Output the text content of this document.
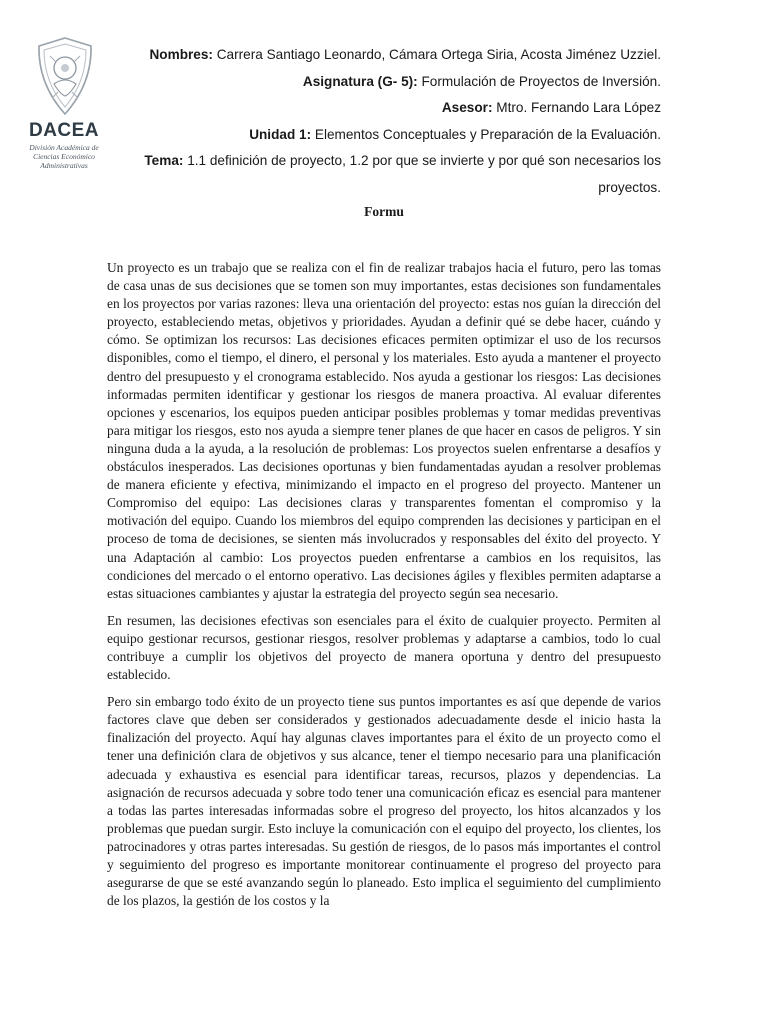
DACEA
División Académica de Ciencias Económico Administrativas
Nombres: Carrera Santiago Leonardo, Cámara Ortega Siria, Acosta Jiménez Uzziel.
Asignatura (G- 5): Formulación de Proyectos de Inversión.
Asesor: Mtro. Fernando Lara López
Unidad 1: Elementos Conceptuales y Preparación de la Evaluación.
Tema: 1.1 definición de proyecto, 1.2 por que se invierte y por qué son necesarios los proyectos.
Formu

Un proyecto es un trabajo que se realiza con el fin de realizar trabajos hacia el futuro, pero las tomas de casa unas de sus decisiones que se tomen son muy importantes, estas decisiones son fundamentales en los proyectos por varias razones: lleva una orientación del proyecto: estas nos guían la dirección del proyecto, estableciendo metas, objetivos y prioridades. Ayudan a definir qué se debe hacer, cuándo y cómo. Se optimizan los recursos: Las decisiones eficaces permiten optimizar el uso de los recursos disponibles, como el tiempo, el dinero, el personal y los materiales. Esto ayuda a mantener el proyecto dentro del presupuesto y el cronograma establecido. Nos ayuda a gestionar los riesgos: Las decisiones informadas permiten identificar y gestionar los riesgos de manera proactiva. Al evaluar diferentes opciones y escenarios, los equipos pueden anticipar posibles problemas y tomar medidas preventivas para mitigar los riesgos, esto nos ayuda a siempre tener planes de que hacer en casos de peligros. Y sin ninguna duda a la ayuda, a la resolución de problemas: Los proyectos suelen enfrentarse a desafíos y obstáculos inesperados. Las decisiones oportunas y bien fundamentadas ayudan a resolver problemas de manera eficiente y efectiva, minimizando el impacto en el progreso del proyecto. Mantener un Compromiso del equipo: Las decisiones claras y transparentes fomentan el compromiso y la motivación del equipo. Cuando los miembros del equipo comprenden las decisiones y participan en el proceso de toma de decisiones, se sienten más involucrados y responsables del éxito del proyecto. Y una Adaptación al cambio: Los proyectos pueden enfrentarse a cambios en los requisitos, las condiciones del mercado o el entorno operativo. Las decisiones ágiles y flexibles permiten adaptarse a estas situaciones cambiantes y ajustar la estrategia del proyecto según sea necesario.

En resumen, las decisiones efectivas son esenciales para el éxito de cualquier proyecto. Permiten al equipo gestionar recursos, gestionar riesgos, resolver problemas y adaptarse a cambios, todo lo cual contribuye a cumplir los objetivos del proyecto de manera oportuna y dentro del presupuesto establecido.

Pero sin embargo todo éxito de un proyecto tiene sus puntos importantes es así que depende de varios factores clave que deben ser considerados y gestionados adecuadamente desde el inicio hasta la finalización del proyecto. Aquí hay algunas claves importantes para el éxito de un proyecto como el tener una definición clara de objetivos y sus alcance, tener el tiempo necesario para una planificación adecuada y exhaustiva es esencial para identificar tareas, recursos, plazos y dependencias. La asignación de recursos adecuada y sobre todo tener una comunicación eficaz es esencial para mantener a todas las partes interesadas informadas sobre el progreso del proyecto, los hitos alcanzados y los problemas que puedan surgir. Esto incluye la comunicación con el equipo del proyecto, los clientes, los patrocinadores y otras partes interesadas. Su gestión de riesgos, de lo pasos más importantes el control y seguimiento del progreso es importante monitorear continuamente el progreso del proyecto para asegurarse de que se esté avanzando según lo planeado. Esto implica el seguimiento del cumplimiento de los plazos, la gestión de los costos y la
